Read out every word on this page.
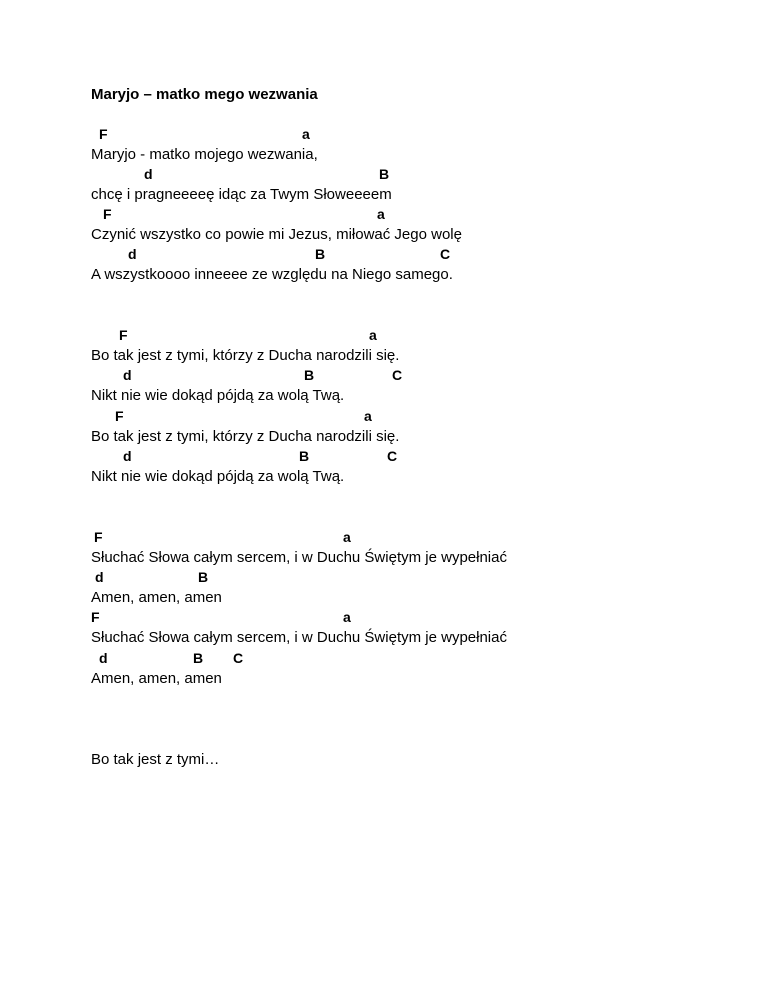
Maryjo – matko mego wezwania
F	a
Maryjo - matko mojego wezwania,
d	B
chcę i pragneeeeę idąc za Twym Słoweeeem
F	a
Czynić wszystko co powie mi Jezus, miłować Jego wolę
d	B	C
A wszystkoooo inneeee ze względu na Niego samego.
F	a
Bo tak jest z tymi, którzy z Ducha narodzili się.
d	B	C
Nikt nie wie dokąd pójdą za wolą Twą.
F	a
Bo tak jest z tymi, którzy z Ducha narodzili się.
d	B	C
Nikt nie wie dokąd pójdą za wolą Twą.
F	a
Słuchać Słowa całym sercem, i w Duchu Świętym je wypełniać
d	B
Amen, amen, amen
F	a
Słuchać Słowa całym sercem, i w Duchu Świętym je wypełniać
d	B C
Amen, amen, amen
Bo tak jest z tymi…
